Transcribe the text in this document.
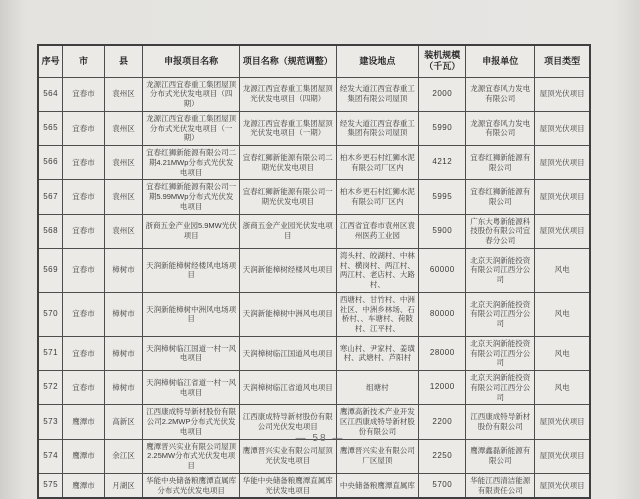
序号	市	县	申报项目名称	项目名称（规范调整）	建设地点	装机规模（千瓦）	申报单位	项目类型
564	宜春市	袁州区	龙源江西宜春重工集团屋顶分布式光伏发电项目（四期）	龙源江西宜春重工集团屋顶光伏发电项目（四期）	经发大道江西宜春重工集团有限公司屋顶	2000	龙源宜春风力发电有限公司	屋顶光伏项目
565	宜春市	袁州区	龙源江西宜春重工集团屋顶分布式光伏发电项目（一期）	龙源江西宜春重工集团屋顶光伏发电项目（一期）	经发大道江西宜春重工集团有限公司屋顶	5990	龙源宜春风力发电有限公司	屋顶光伏项目
566	宜春市	袁州区	宜春红狮新能源有限公司二期4.21MWp分布式光伏发电项目	宜春红狮新能源有限公司二期光伏发电项目	柏木乡更石村红狮水泥有限公司厂区内	4212	宜春红狮新能源有限公司	屋顶光伏项目
567	宜春市	袁州区	宜春红狮新能源有限公司一期5.99MWp分布式光伏发电项目	宜春红狮新能源有限公司一期光伏发电项目	柏木乡更石村红狮水泥有限公司厂区内	5995	宜春红狮新能源有限公司	屋顶光伏项目
568	宜春市	袁州区	浙商五金产业园5.9MW光伏项目	浙商五金产业园光伏发电项目	江西省宜春市袁州区袁州医药工业园	5900	广东大粤新能源科技股份有限公司宜春分公司	屋顶光伏项目
569	宜春市	樟树市	天润新能樟树经楼风电场项目	天润新能樟树经楼风电项目	湾头村、皎湖村、中林村、横岗村、两江村、两江村、老店村、大路村、	60000	北京天润新能投资有限公司江西分公司	风电
570	宜春市	樟树市	天润新能樟树中洲风电场项目	天润新能樟树中洲风电项目	西塘村、甘竹村、中洲社区、中洲乡林场、石桥村、、车塘村、荷陂村、江平村、	80000	北京天润新能投资有限公司江西分公司	风电
571	宜春市	樟树市	天润樟树临江国道一村一风电项目	天润樟树临江国道风电项目	寒山村、尹家村、姜璜村、武塘村、芦阳村	28000	北京天润新能投资有限公司江西分公司	风电
572	宜春市	樟树市	天润樟树临江省道一村一风电项目	天润樟树临江省道风电项目	组塘村	12000	北京天润新能投资有限公司江西分公司	风电
573	鹰潭市	高新区	江西康成特导新材股份有限公司2.2MWP分布式光伏发电项目	江西康成特导新材股份有限公司光伏发电项目	鹰潭高新技术产业开发区江西康成特导新材股份有限公司	2200	江西康成特导新材股份有限公司	屋顶光伏项目
574	鹰潭市	余江区	鹰潭晋兴实业有限公司屋顶2.25MW分布式光伏发电项目	鹰潭晋兴实业有限公司屋顶光伏发电项目	鹰潭晋兴实业有限公司厂区屋顶	2250	鹰潭鑫磊新能源有限公司	屋顶光伏项目
575	鹰潭市	月湖区	华能中央储备粮鹰潭直属库分布式光伏发电项目	华能中央储备粮鹰潭直属库光伏发电项目	中央储备粮鹰潭直属库	5700	华能江西清洁能源有限责任公司	屋顶光伏项目
— 58 —
